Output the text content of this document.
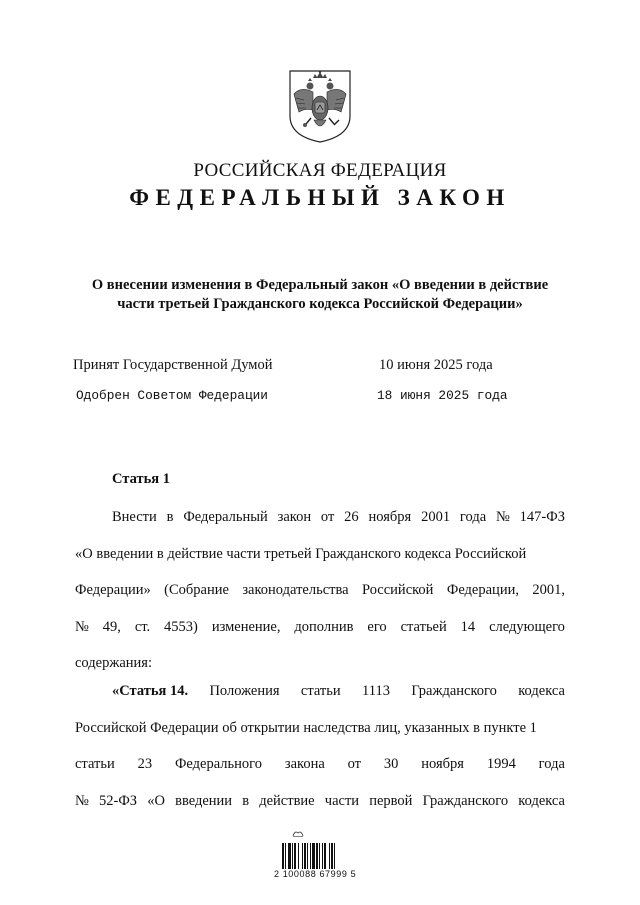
РОССИЙСКАЯ ФЕДЕРАЦИЯ
ФЕДЕРАЛЬНЫЙ ЗАКОН
О внесении изменения в Федеральный закон «О введении в действие
части третьей Гражданского кодекса Российской Федерации»
Принят Государственной Думой	10 июня 2025 года
Одобрен Советом Федерации	18 июня 2025 года
Статья 1
Внести в Федеральный закон от 26 ноября 2001 года № 147-ФЗ
«О введении в действие части третьей Гражданского кодекса Российской
Федерации» (Собрание законодательства Российской Федерации, 2001,
№ 49, ст. 4553) изменение, дополнив его статьей 14 следующего
содержания:
«Статья 14. Положения статьи 1113 Гражданского кодекса
Российской Федерации об открытии наследства лиц, указанных в пункте 1
статьи 23 Федерального закона от 30 ноября 1994 года
№ 52-ФЗ «О введении в действие части первой Гражданского кодекса
2 100088 67999 5
